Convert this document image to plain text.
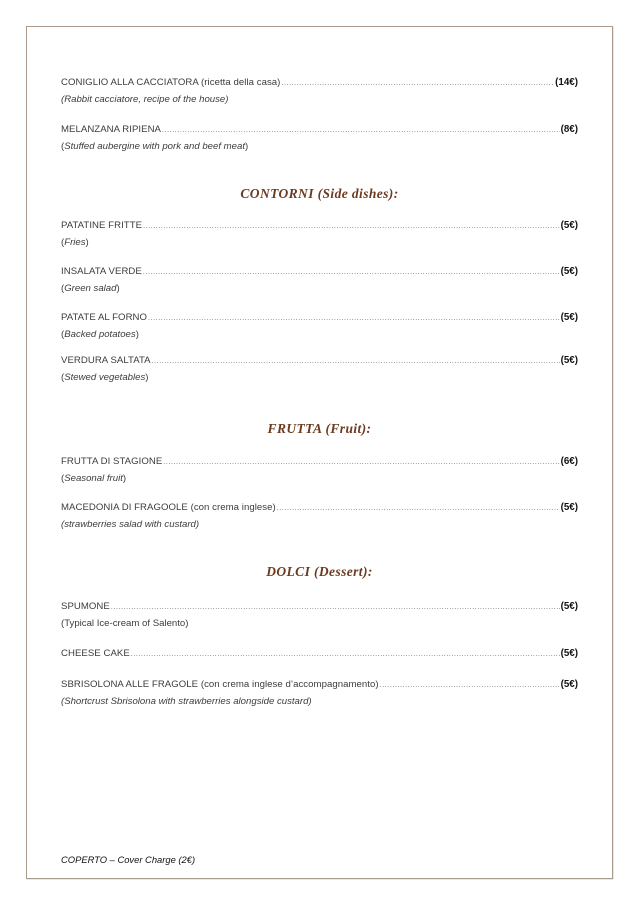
CONIGLIO ALLA CACCIATORA (ricetta della casa) .....	(14€)
(Rabbit cacciatore, recipe of the house)
MELANZANA RIPIENA .....	(8€)
(Stuffed aubergine with pork and beef meat)
CONTORNI (Side dishes):
PATATINE FRITTE .....	(5€)
(Fries)
INSALATA VERDE .....	(5€)
(Green salad)
PATATE AL FORNO .....	(5€)
(Backed potatoes)
VERDURA SALTATA .....	(5€)
(Stewed vegetables)
FRUTTA (Fruit):
FRUTTA DI STAGIONE .....	(6€)
(Seasonal fruit)
MACEDONIA DI FRAGOOLE (con crema inglese) .....	(5€)
(strawberries salad with custard)
DOLCI (Dessert):
SPUMONE .....	(5€)
(Typical Ice-cream of Salento)
CHEESE CAKE .....	(5€)
SBRISOLONA ALLE FRAGOLE (con crema inglese d’accompagnamento) .....	(5€)
(Shortcrust Sbrisolona with strawberries alongside custard)
COPERTO – Cover Charge (2€)
